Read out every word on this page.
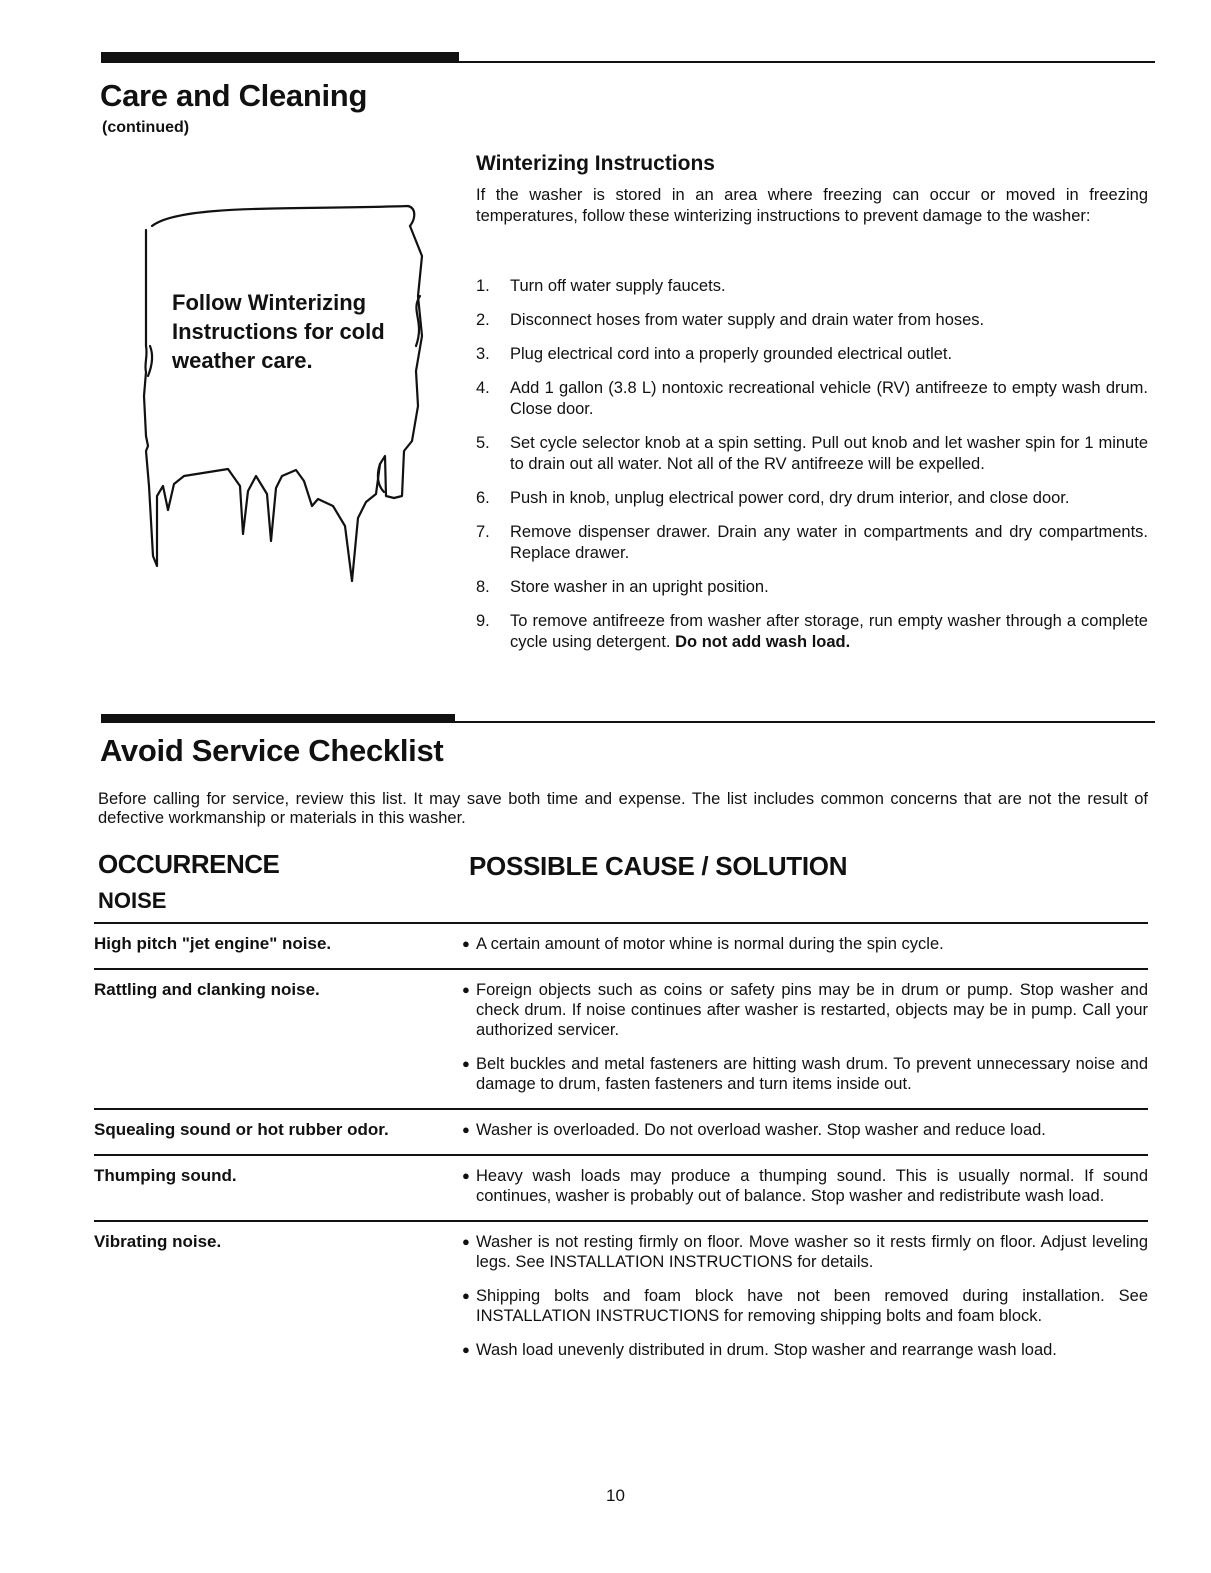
Care and Cleaning
(continued)
Follow Winterizing Instructions for cold weather care.
Winterizing Instructions
If the washer is stored in an area where freezing can occur or moved in freezing temperatures, follow these winterizing instructions to prevent damage to the washer:
1.	Turn off water supply faucets.
2.	Disconnect hoses from water supply and drain water from hoses.
3.	Plug electrical cord into a properly grounded electrical outlet.
4.	Add 1 gallon (3.8 L) nontoxic recreational vehicle (RV) antifreeze to empty wash drum. Close door.
5.	Set cycle selector knob at a spin setting. Pull out knob and let washer spin for 1 minute to drain out all water. Not all of the RV antifreeze will be expelled.
6.	Push in knob, unplug electrical power cord, dry drum interior, and close door.
7.	Remove dispenser drawer. Drain any water in compartments and dry compartments. Replace drawer.
8.	Store washer in an upright position.
9.	To remove antifreeze from washer after storage, run empty washer through a complete cycle using detergent. Do not add wash load.
Avoid Service Checklist
Before calling for service, review this list. It may save both time and expense. The list includes common concerns that are not the result of defective workmanship or materials in this washer.
OCCURRENCE	POSSIBLE CAUSE / SOLUTION
NOISE
High pitch "jet engine" noise.	● A certain amount of motor whine is normal during the spin cycle.
Rattling and clanking noise.	● Foreign objects such as coins or safety pins may be in drum or pump. Stop washer and check drum. If noise continues after washer is restarted, objects may be in pump. Call your authorized servicer.
● Belt buckles and metal fasteners are hitting wash drum. To prevent unnecessary noise and damage to drum, fasten fasteners and turn items inside out.
Squealing sound or hot rubber odor.	● Washer is overloaded. Do not overload washer. Stop washer and reduce load.
Thumping sound.	● Heavy wash loads may produce a thumping sound. This is usually normal. If sound continues, washer is probably out of balance. Stop washer and redistribute wash load.
Vibrating noise.	● Washer is not resting firmly on floor. Move washer so it rests firmly on floor. Adjust leveling legs. See INSTALLATION INSTRUCTIONS for details.
● Shipping bolts and foam block have not been removed during installation. See INSTALLATION INSTRUCTIONS for removing shipping bolts and foam block.
● Wash load unevenly distributed in drum. Stop washer and rearrange wash load.
10
